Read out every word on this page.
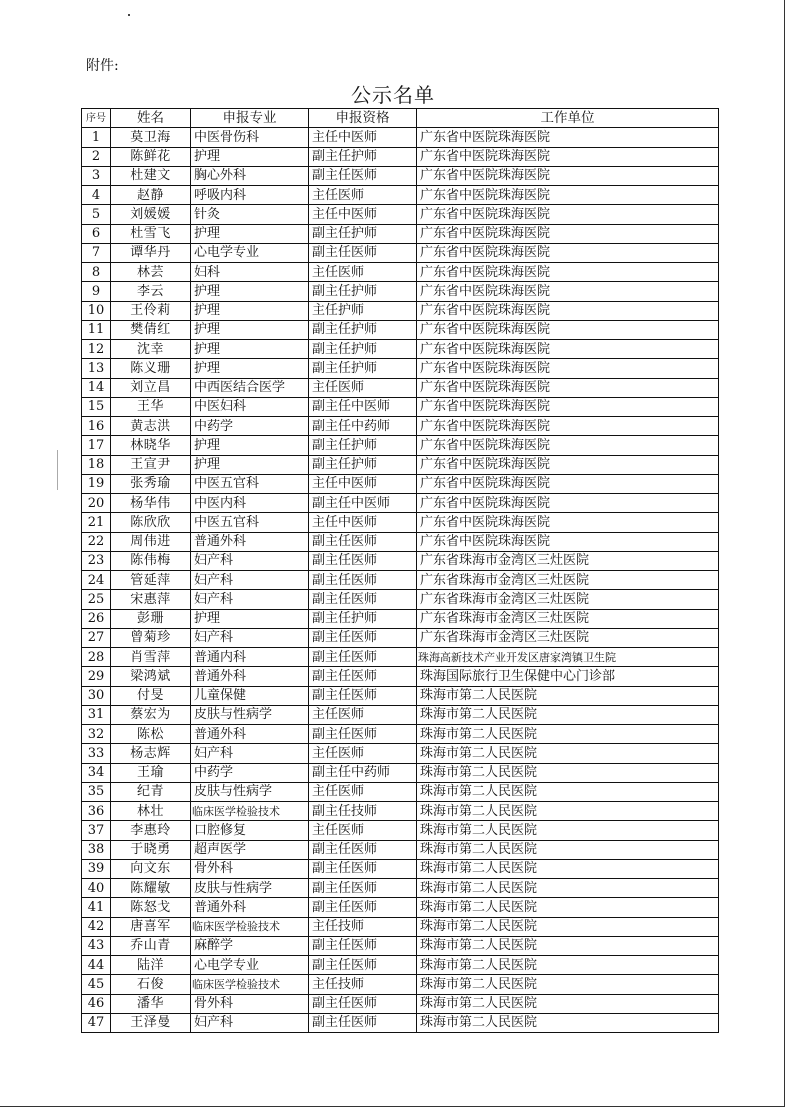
附件:
公示名单
序号	姓名	申报专业	申报资格	工作单位
1	莫卫海	中医骨伤科	主任中医师	广东省中医院珠海医院
2	陈鲜花	护理	副主任护师	广东省中医院珠海医院
3	杜建文	胸心外科	副主任医师	广东省中医院珠海医院
4	赵静	呼吸内科	主任医师	广东省中医院珠海医院
5	刘媛媛	针灸	主任中医师	广东省中医院珠海医院
6	杜雪飞	护理	副主任护师	广东省中医院珠海医院
7	谭华丹	心电学专业	副主任医师	广东省中医院珠海医院
8	林芸	妇科	主任医师	广东省中医院珠海医院
9	李云	护理	副主任护师	广东省中医院珠海医院
10	王伶莉	护理	主任护师	广东省中医院珠海医院
11	樊倩红	护理	副主任护师	广东省中医院珠海医院
12	沈幸	护理	副主任护师	广东省中医院珠海医院
13	陈义珊	护理	副主任护师	广东省中医院珠海医院
14	刘立昌	中西医结合医学	主任医师	广东省中医院珠海医院
15	王华	中医妇科	副主任中医师	广东省中医院珠海医院
16	黄志洪	中药学	副主任中药师	广东省中医院珠海医院
17	林晓华	护理	副主任护师	广东省中医院珠海医院
18	王宣尹	护理	副主任护师	广东省中医院珠海医院
19	张秀瑜	中医五官科	主任中医师	广东省中医院珠海医院
20	杨华伟	中医内科	副主任中医师	广东省中医院珠海医院
21	陈欣欣	中医五官科	主任中医师	广东省中医院珠海医院
22	周伟进	普通外科	副主任医师	广东省中医院珠海医院
23	陈伟梅	妇产科	副主任医师	广东省珠海市金湾区三灶医院
24	管延萍	妇产科	副主任医师	广东省珠海市金湾区三灶医院
25	宋惠萍	妇产科	副主任医师	广东省珠海市金湾区三灶医院
26	彭珊	护理	副主任护师	广东省珠海市金湾区三灶医院
27	曾菊珍	妇产科	副主任医师	广东省珠海市金湾区三灶医院
28	肖雪萍	普通内科	副主任医师	珠海高新技术产业开发区唐家湾镇卫生院
29	梁鸿斌	普通外科	副主任医师	珠海国际旅行卫生保健中心门诊部
30	付旻	儿童保健	副主任医师	珠海市第二人民医院
31	蔡宏为	皮肤与性病学	主任医师	珠海市第二人民医院
32	陈松	普通外科	副主任医师	珠海市第二人民医院
33	杨志辉	妇产科	主任医师	珠海市第二人民医院
34	王瑜	中药学	副主任中药师	珠海市第二人民医院
35	纪青	皮肤与性病学	主任医师	珠海市第二人民医院
36	林壮	临床医学检验技术	副主任技师	珠海市第二人民医院
37	李惠玲	口腔修复	主任医师	珠海市第二人民医院
38	于晓勇	超声医学	副主任医师	珠海市第二人民医院
39	向文东	骨外科	副主任医师	珠海市第二人民医院
40	陈耀敏	皮肤与性病学	副主任医师	珠海市第二人民医院
41	陈怒戈	普通外科	副主任医师	珠海市第二人民医院
42	唐喜军	临床医学检验技术	主任技师	珠海市第二人民医院
43	乔山青	麻醉学	副主任医师	珠海市第二人民医院
44	陆洋	心电学专业	副主任医师	珠海市第二人民医院
45	石俊	临床医学检验技术	主任技师	珠海市第二人民医院
46	潘华	骨外科	副主任医师	珠海市第二人民医院
47	王泽曼	妇产科	副主任医师	珠海市第二人民医院
